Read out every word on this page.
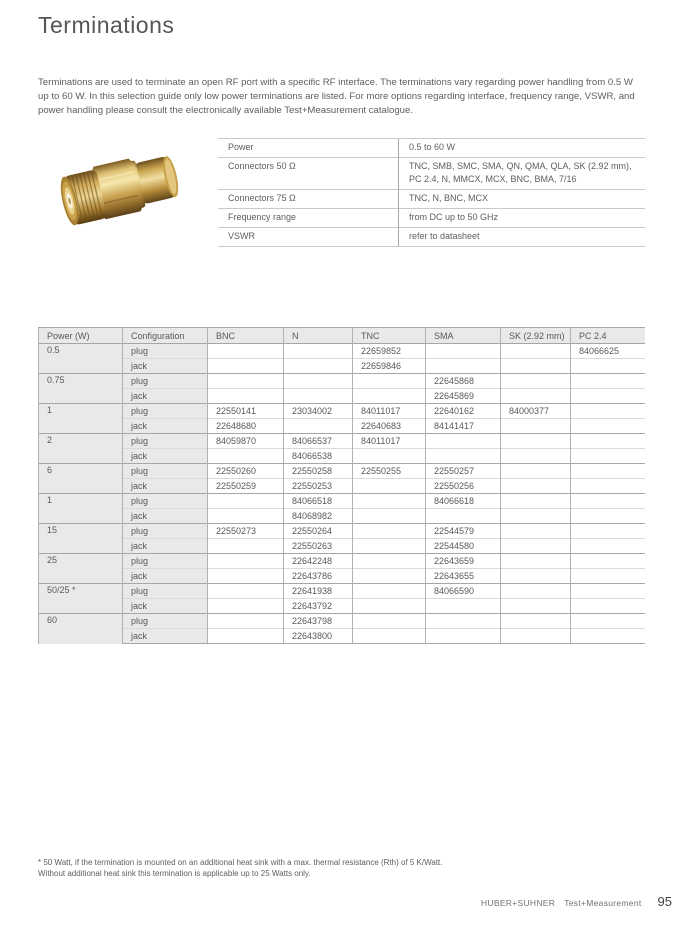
Terminations

Terminations are used to terminate an open RF port with a specific RF interface. The terminations vary regarding power handling from 0.5 W up to 60 W. In this selection guide only low power terminations are listed. For more options regarding interface, frequency range, VSWR, and power handling please consult the electronically available Test+Measurement catalogue.

Power	0.5 to 60 W
Connectors 50 Ω	TNC, SMB, SMC, SMA, QN, QMA, QLA, SK (2.92 mm), PC 2.4, N, MMCX, MCX, BNC, BMA, 7/16
Connectors 75 Ω	TNC, N, BNC, MCX
Frequency range	from DC up to 50 GHz
VSWR	refer to datasheet
Power (W)	Configuration	BNC	N	TNC	SMA	SK (2.92 mm)	PC 2.4
0.5	plug			22659852			84066625
	jack			22659846			
0.75	plug				22645868		
	jack				22645869		
1	plug	22550141	23034002	84011017	22640162	84000377	
	jack	22648680		22640683	84141417		
2	plug	84059870	84066537	84011017			
	jack		84066538				
6	plug	22550260	22550258	22550255	22550257		
	jack	22550259	22550253		22550256		
1	plug		84066518		84066618		
	jack		84068982				
15	plug	22550273	22550264		22544579		
	jack		22550263		22544580		
25	plug		22642248		22643659		
	jack		22643786		22643655		
50/25 *	plug		22641938		84066590		
	jack		22643792				
60	plug		22643798				
	jack		22643800				
* 50 Watt, if the termination is mounted on an additional heat sink with a max. thermal resistance (Rth) of 5 K/Watt.
Without additional heat sink this termination is applicable up to 25 Watts only.
HUBER+SUHNER Test+Measurement 95
